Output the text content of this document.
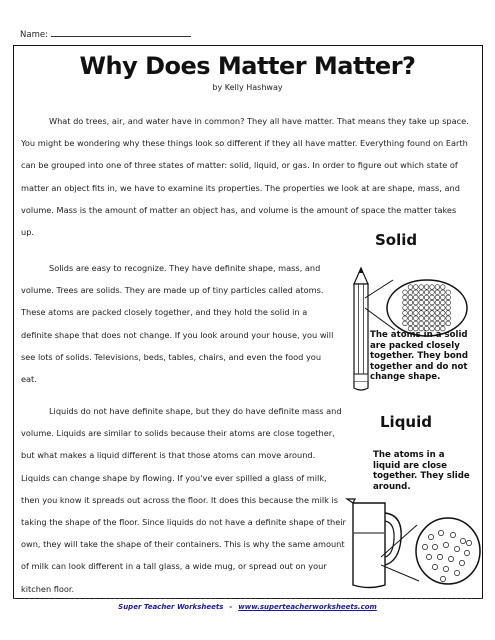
Name:
Why Does Matter Matter?
by Kelly Hashway

What do trees, air, and water have in common? They all have matter. That means they take up space. You might be wondering why these things look so different if they all have matter. Everything found on Earth can be grouped into one of three states of matter: solid, liquid, or gas. In order to figure out which state of matter an object fits in, we have to examine its properties. The properties we look at are shape, mass, and volume. Mass is the amount of matter an object has, and volume is the amount of space the matter takes up.

Solids are easy to recognize. They have definite shape, mass, and volume. Trees are solids. They are made up of tiny particles called atoms. These atoms are packed closely together, and they hold the solid in a definite shape that does not change. If you look around your house, you will see lots of solids. Televisions, beds, tables, chairs, and even the food you eat.

Liquids do not have definite shape, but they do have definite mass and volume. Liquids are similar to solids because their atoms are close together, but what makes a liquid different is that those atoms can move around. Liquids can change shape by flowing. If you've ever spilled a glass of milk, then you know it spreads out across the floor. It does this because the milk is taking the shape of the floor. Since liquids do not have a definite shape of their own, they will take the shape of their containers. This is why the same amount of milk can look different in a tall glass, a wide mug, or spread out on your kitchen floor.

Solid
The atoms in a solid are packed closely together. They bond together and do not change shape.
Liquid
The atoms in a liquid are close together. They slide around.
Super Teacher Worksheets - www.superteacherworksheets.com
